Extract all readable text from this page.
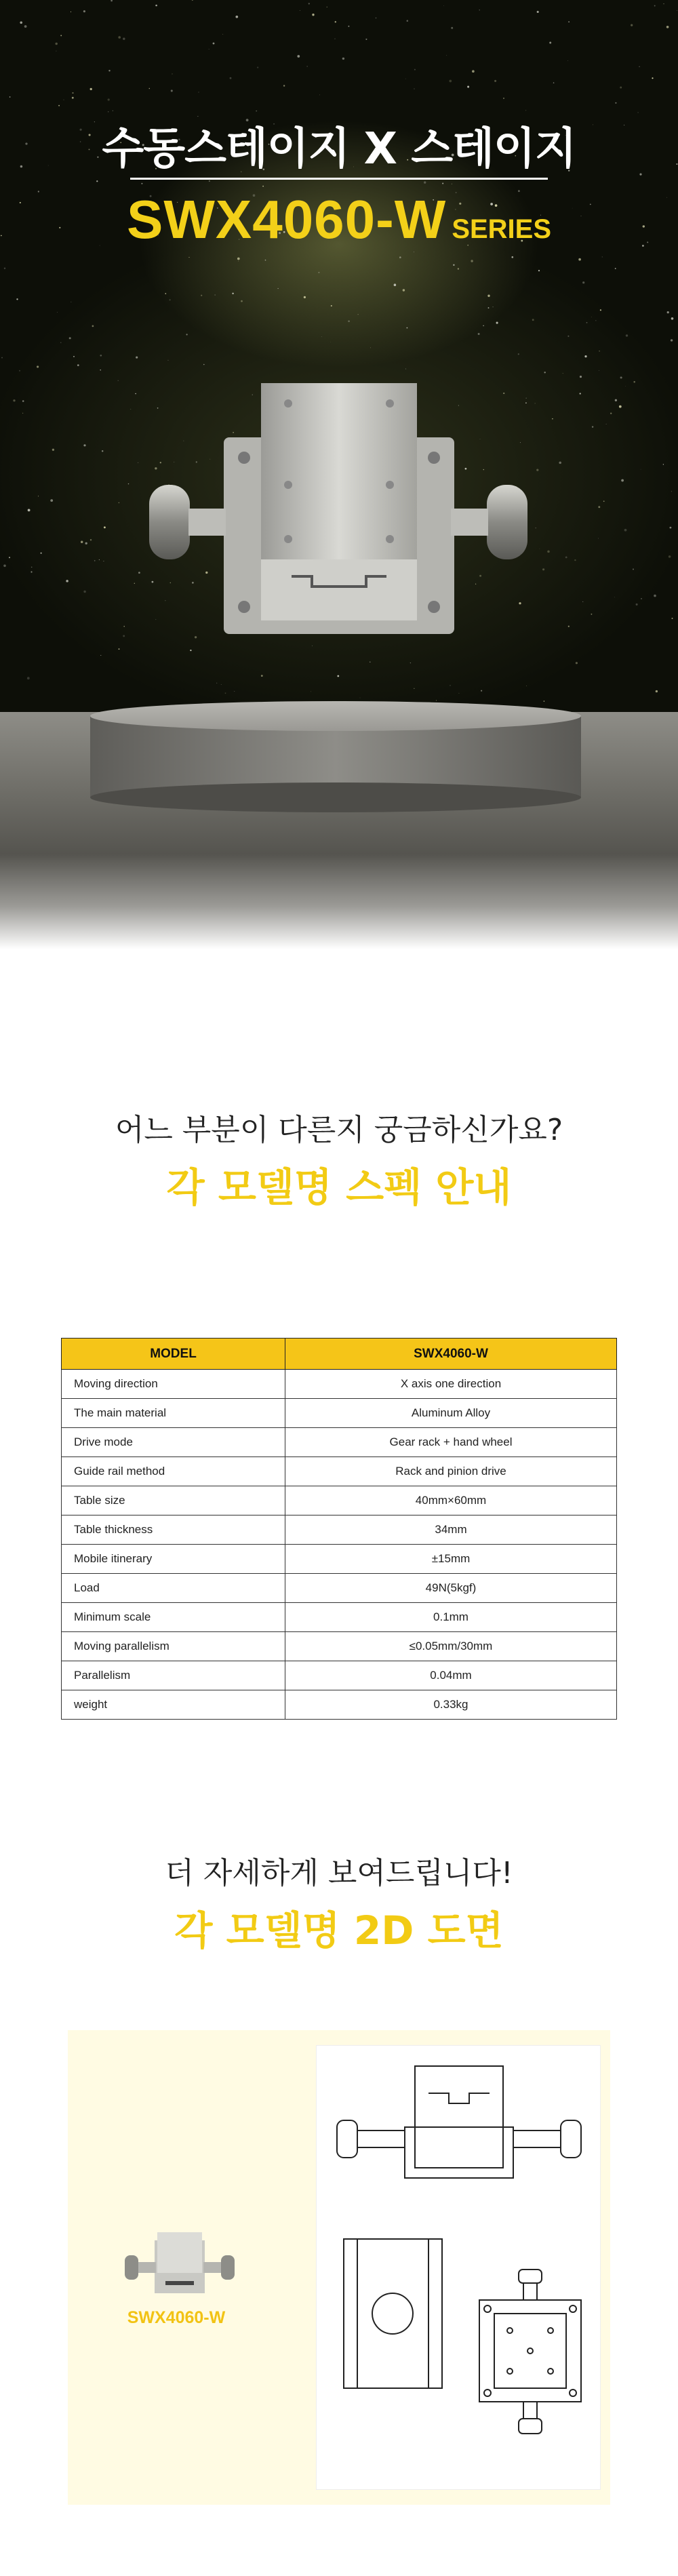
수동스테이지 X 스테이지
SWX4060-W SERIES
어느 부분이 다른지 궁금하신가요?
각 모델명 스펙 안내
MODEL	SWX4060-W
Moving direction	X axis one direction
The main material	Aluminum Alloy
Drive mode	Gear rack + hand wheel
Guide rail method	Rack and pinion drive
Table size	40mm×60mm
Table thickness	34mm
Mobile itinerary	±15mm
Load	49N(5kgf)
Minimum scale	0.1mm
Moving parallelism	≤0.05mm/30mm
Parallelism	0.04mm
weight	0.33kg
더 자세하게 보여드립니다!
각 모델명 2D 도면
SWX4060-W
